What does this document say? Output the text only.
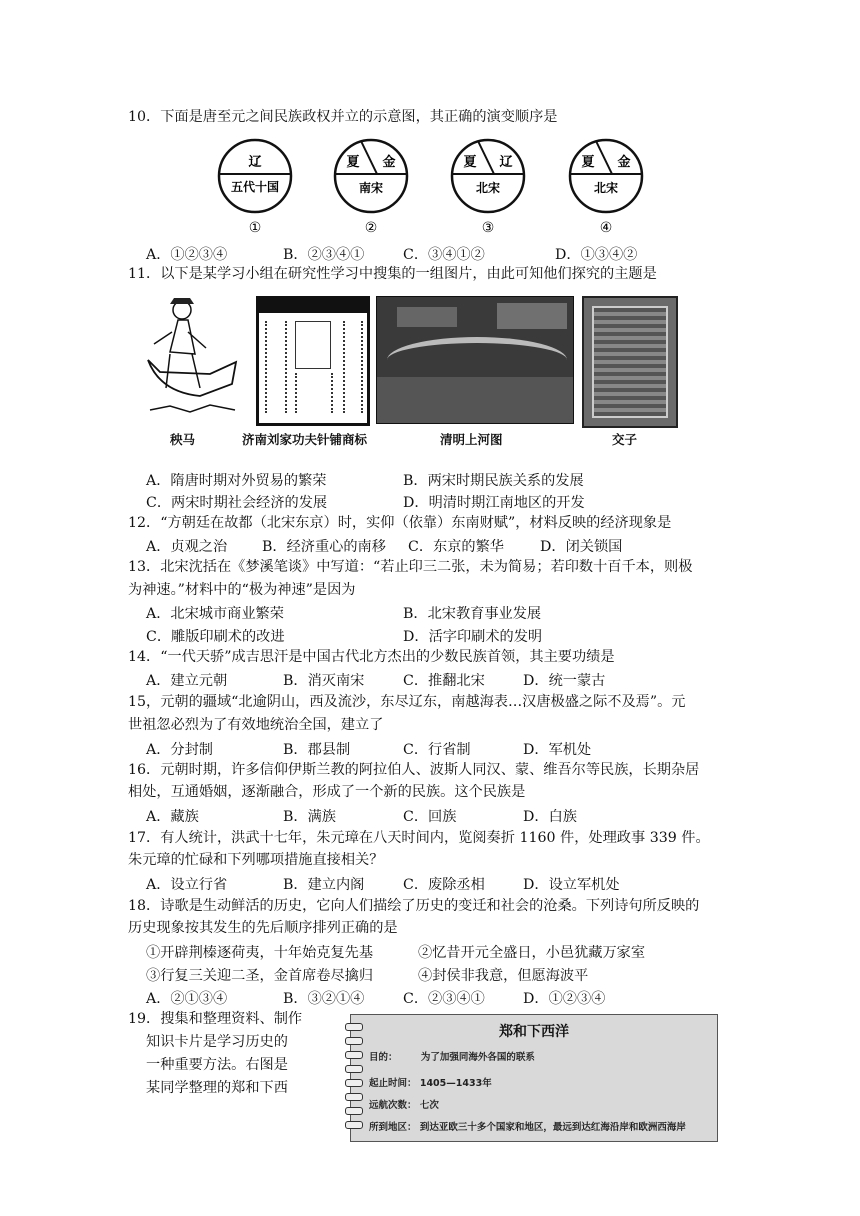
10．下面是唐至元之间民族政权并立的示意图，其正确的演变顺序是
辽
五代十国
①
夏 金
南宋
②
夏 辽
北宋
③
夏 金
北宋
④
A．①②③④	B．②③④①	C．③④①②	D．①③④②
11．以下是某学习小组在研究性学习中搜集的一组图片，由此可知他们探究的主题是
秧马	济南刘家功夫针铺商标	清明上河图	交子
A．隋唐时期对外贸易的繁荣	B．两宋时期民族关系的发展
C．两宋时期社会经济的发展	D．明清时期江南地区的开发
12．“方朝廷在故都（北宋东京）时，实仰（依靠）东南财赋”，材料反映的经济现象是
A．贞观之治 B．经济重心的南移 C．东京的繁华	D．闭关锁国
13．北宋沈括在《梦溪笔谈》中写道：“若止印三二张，未为简易；若印数十百千本，则极
为神速。”材料中的“极为神速”是因为
A．北宋城市商业繁荣	B．北宋教育事业发展
C．雕版印刷术的改进	D．活字印刷术的发明
14．“一代天骄”成吉思汗是中国古代北方杰出的少数民族首领，其主要功绩是
A．建立元朝	B．消灭南宋	C．推翻北宋	D．统一蒙古
15，元朝的疆域“北逾阴山，西及流沙，东尽辽东，南越海表…汉唐极盛之际不及焉”。元
世祖忽必烈为了有效地统治全国，建立了
A．分封制	B．郡县制	C．行省制	D．军机处
16．元朝时期，许多信仰伊斯兰教的阿拉伯人、波斯人同汉、蒙、维吾尔等民族，长期杂居
相处，互通婚姻，逐渐融合，形成了一个新的民族。这个民族是
A．藏族	B．满族	C．回族	D．白族
17．有人统计，洪武十七年，朱元璋在八天时间内，览阅奏折 1160 件，处理政事 339 件。
朱元璋的忙碌和下列哪项措施直接相关？
A．设立行省	B．建立内阁	C．废除丞相	D．设立军机处
18．诗歌是生动鲜活的历史，它向人们描绘了历史的变迁和社会的沧桑。下列诗句所反映的
历史现象按其发生的先后顺序排列正确的是
①开辟荆榛逐荷夷，十年始克复先基	②忆昔开元全盛日，小邑犹藏万家室
③行复三关迎二圣，金首席卷尽擒归	④封侯非我意，但愿海波平
A．②①③④	B．③②①④	C．②③④①	D．①②③④
19．搜集和整理资料、制作
知识卡片是学习历史的
一种重要方法。右图是
某同学整理的郑和下西
郑和下西洋
目的： 为了加强同海外各国的联系
起止时间： 1405—1433年
远航次数： 七次
所到地区： 到达亚欧三十多个国家和地区，最远到达红海沿岸和欧洲西海岸
